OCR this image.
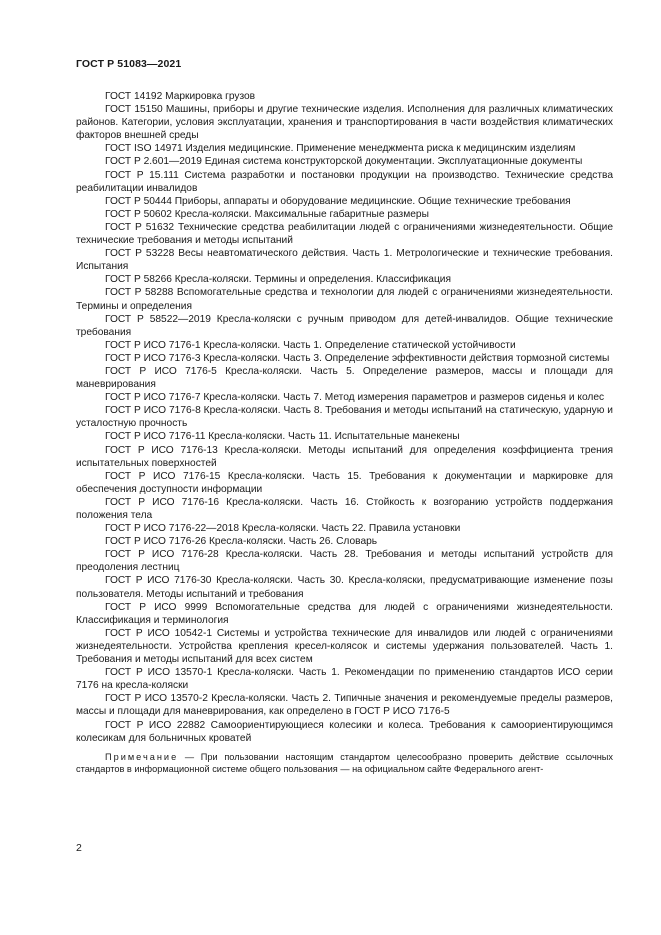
ГОСТ Р 51083—2021

ГОСТ 14192 Маркировка грузов

ГОСТ 15150 Машины, приборы и другие технические изделия. Исполнения для различных климатических районов. Категории, условия эксплуатации, хранения и транспортирования в части воздействия климатических факторов внешней среды

ГОСТ ISO 14971 Изделия медицинские. Применение менеджмента риска к медицинским изделиям

ГОСТ Р 2.601—2019 Единая система конструкторской документации. Эксплуатационные документы

ГОСТ Р 15.111 Система разработки и постановки продукции на производство. Технические средства реабилитации инвалидов

ГОСТ Р 50444 Приборы, аппараты и оборудование медицинские. Общие технические требования

ГОСТ Р 50602 Кресла-коляски. Максимальные габаритные размеры

ГОСТ Р 51632 Технические средства реабилитации людей с ограничениями жизнедеятельности. Общие технические требования и методы испытаний

ГОСТ Р 53228 Весы неавтоматического действия. Часть 1. Метрологические и технические требования. Испытания

ГОСТ Р 58266 Кресла-коляски. Термины и определения. Классификация

ГОСТ Р 58288 Вспомогательные средства и технологии для людей с ограничениями жизнедеятельности. Термины и определения

ГОСТ Р 58522—2019 Кресла-коляски с ручным приводом для детей-инвалидов. Общие технические требования

ГОСТ Р ИСО 7176-1 Кресла-коляски. Часть 1. Определение статической устойчивости

ГОСТ Р ИСО 7176-3 Кресла-коляски. Часть 3. Определение эффективности действия тормозной системы

ГОСТ Р ИСО 7176-5 Кресла-коляски. Часть 5. Определение размеров, массы и площади для маневрирования

ГОСТ Р ИСО 7176-7 Кресла-коляски. Часть 7. Метод измерения параметров и размеров сиденья и колес

ГОСТ Р ИСО 7176-8 Кресла-коляски. Часть 8. Требования и методы испытаний на статическую, ударную и усталостную прочность

ГОСТ Р ИСО 7176-11 Кресла-коляски. Часть 11. Испытательные манекены

ГОСТ Р ИСО 7176-13 Кресла-коляски. Методы испытаний для определения коэффициента трения испытательных поверхностей

ГОСТ Р ИСО 7176-15 Кресла-коляски. Часть 15. Требования к документации и маркировке для обеспечения доступности информации

ГОСТ Р ИСО 7176-16 Кресла-коляски. Часть 16. Стойкость к возгоранию устройств поддержания положения тела

ГОСТ Р ИСО 7176-22—2018 Кресла-коляски. Часть 22. Правила установки

ГОСТ Р ИСО 7176-26 Кресла-коляски. Часть 26. Словарь

ГОСТ Р ИСО 7176-28 Кресла-коляски. Часть 28. Требования и методы испытаний устройств для преодоления лестниц

ГОСТ Р ИСО 7176-30 Кресла-коляски. Часть 30. Кресла-коляски, предусматривающие изменение позы пользователя. Методы испытаний и требования

ГОСТ Р ИСО 9999 Вспомогательные средства для людей с ограничениями жизнедеятельности. Классификация и терминология

ГОСТ Р ИСО 10542-1 Системы и устройства технические для инвалидов или людей с ограничениями жизнедеятельности. Устройства крепления кресел-колясок и системы удержания пользователей. Часть 1. Требования и методы испытаний для всех систем

ГОСТ Р ИСО 13570-1 Кресла-коляски. Часть 1. Рекомендации по применению стандартов ИСО серии 7176 на кресла-коляски

ГОСТ Р ИСО 13570-2 Кресла-коляски. Часть 2. Типичные значения и рекомендуемые пределы размеров, массы и площади для маневрирования, как определено в ГОСТ Р ИСО 7176-5

ГОСТ Р ИСО 22882 Самоориентирующиеся колесики и колеса. Требования к самоориентирующимся колесикам для больничных кроватей

Примечание — При пользовании настоящим стандартом целесообразно проверить действие ссылочных стандартов в информационной системе общего пользования — на официальном сайте Федерального агент-

2
